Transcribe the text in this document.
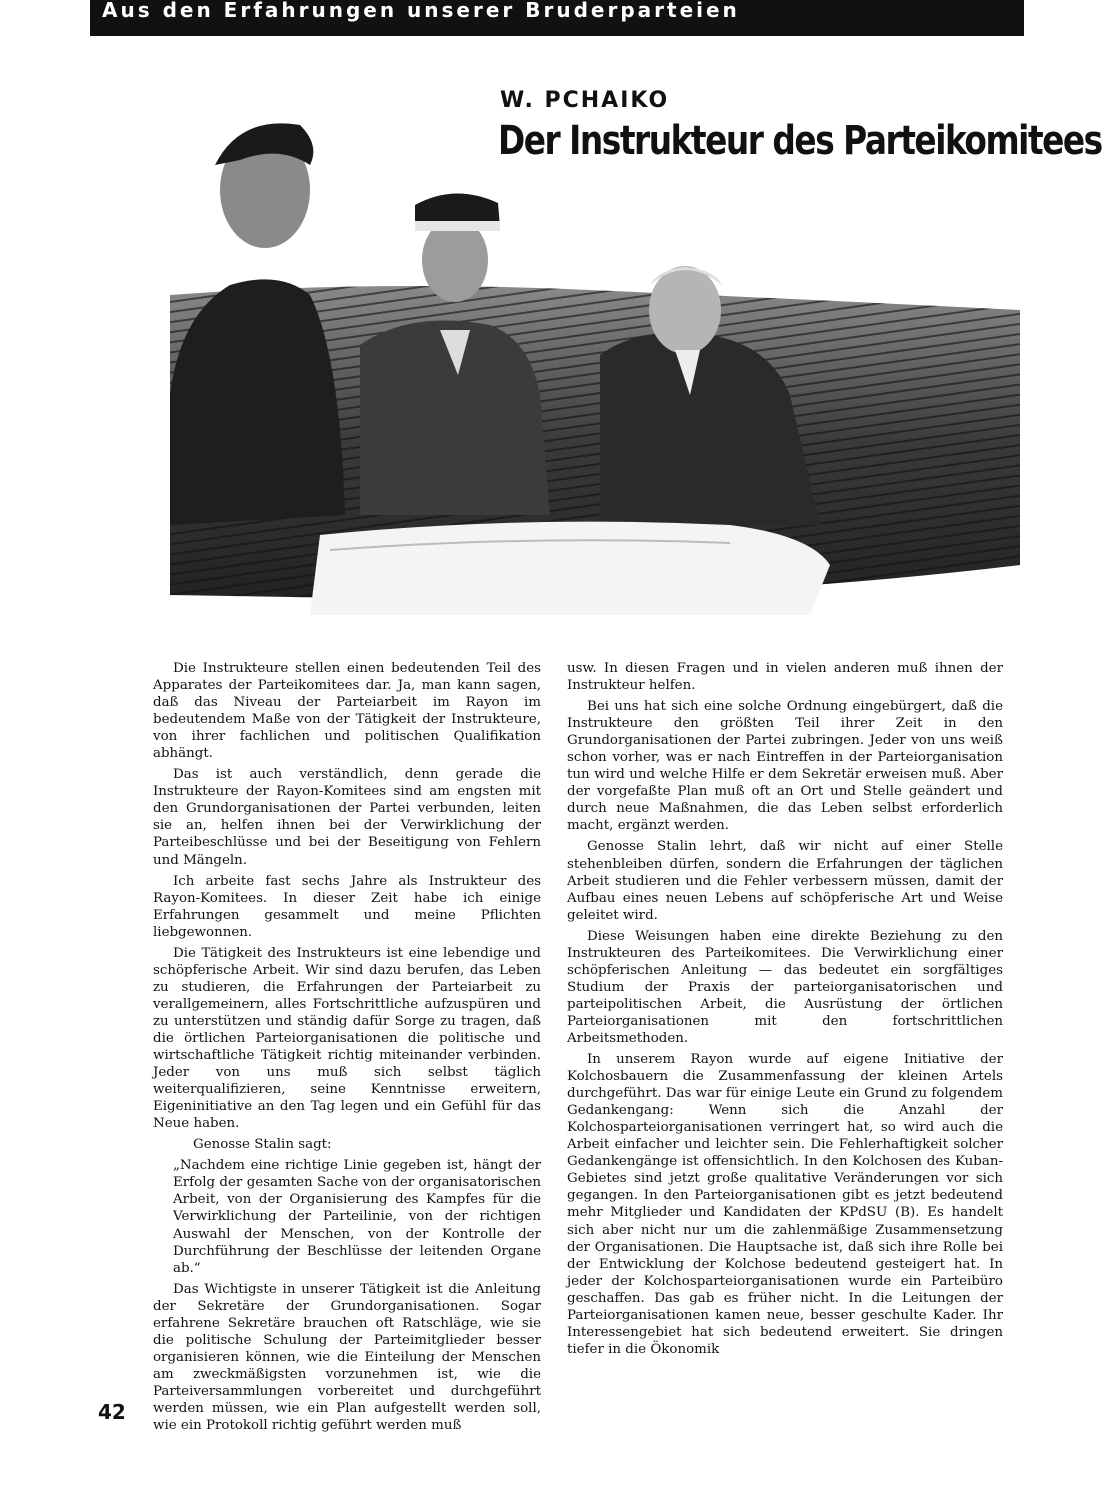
Aus den Erfahrungen unserer Bruderparteien
W. PCHAIKO
Der Instrukteur des Parteikomitees

Die Instrukteure stellen einen bedeutenden Teil des Apparates der Parteikomitees dar. Ja, man kann sagen, daß das Niveau der Parteiarbeit im Rayon im bedeutendem Maße von der Tätigkeit der Instrukteure, von ihrer fachlichen und politischen Qualifikation abhängt.

Das ist auch verständlich, denn gerade die Instrukteure der Rayon-Komitees sind am engsten mit den Grundorganisationen der Partei verbunden, leiten sie an, helfen ihnen bei der Verwirklichung der Parteibeschlüsse und bei der Beseitigung von Fehlern und Mängeln.

Ich arbeite fast sechs Jahre als Instrukteur des Rayon-Komitees. In dieser Zeit habe ich einige Erfahrungen gesammelt und meine Pflichten liebgewonnen.

Die Tätigkeit des Instrukteurs ist eine lebendige und schöpferische Arbeit. Wir sind dazu berufen, das Leben zu studieren, die Erfahrungen der Parteiarbeit zu verallgemeinern, alles Fortschrittliche aufzuspüren und zu unterstützen und ständig dafür Sorge zu tragen, daß die örtlichen Parteiorganisationen die politische und wirtschaftliche Tätigkeit richtig miteinander verbinden. Jeder von uns muß sich selbst täglich weiterqualifizieren, seine Kenntnisse erweitern, Eigeninitiative an den Tag legen und ein Gefühl für das Neue haben.

Genosse Stalin sagt:

„Nachdem eine richtige Linie gegeben ist, hängt der Erfolg der gesamten Sache von der organisatorischen Arbeit, von der Organisierung des Kampfes für die Verwirklichung der Parteilinie, von der richtigen Auswahl der Menschen, von der Kontrolle der Durchführung der Beschlüsse der leitenden Organe ab.“

Das Wichtigste in unserer Tätigkeit ist die Anleitung der Sekretäre der Grundorganisationen. Sogar erfahrene Sekretäre brauchen oft Ratschläge, wie sie die politische Schulung der Parteimitglieder besser organisieren können, wie die Einteilung der Menschen am zweckmäßigsten vorzunehmen ist, wie die Parteiversammlungen vorbereitet und durchgeführt werden müssen, wie ein Plan aufgestellt werden soll, wie ein Protokoll richtig geführt werden muß

usw. In diesen Fragen und in vielen anderen muß ihnen der Instrukteur helfen.

Bei uns hat sich eine solche Ordnung eingebürgert, daß die Instrukteure den größten Teil ihrer Zeit in den Grundorganisationen der Partei zubringen. Jeder von uns weiß schon vorher, was er nach Eintreffen in der Parteiorganisation tun wird und welche Hilfe er dem Sekretär erweisen muß. Aber der vorgefaßte Plan muß oft an Ort und Stelle geändert und durch neue Maßnahmen, die das Leben selbst erforderlich macht, ergänzt werden.

Genosse Stalin lehrt, daß wir nicht auf einer Stelle stehenbleiben dürfen, sondern die Erfahrungen der täglichen Arbeit studieren und die Fehler verbessern müssen, damit der Aufbau eines neuen Lebens auf schöpferische Art und Weise geleitet wird.

Diese Weisungen haben eine direkte Beziehung zu den Instrukteuren des Parteikomitees. Die Verwirklichung einer schöpferischen Anleitung — das bedeutet ein sorgfältiges Studium der Praxis der parteiorganisatorischen und parteipolitischen Arbeit, die Ausrüstung der örtlichen Parteiorganisationen mit den fortschrittlichen Arbeitsmethoden.

In unserem Rayon wurde auf eigene Initiative der Kolchosbauern die Zusammenfassung der kleinen Artels durchgeführt. Das war für einige Leute ein Grund zu folgendem Gedankengang: Wenn sich die Anzahl der Kolchosparteiorganisationen verringert hat, so wird auch die Arbeit einfacher und leichter sein. Die Fehlerhaftigkeit solcher Gedankengänge ist offensichtlich. In den Kolchosen des Kuban-Gebietes sind jetzt große qualitative Veränderungen vor sich gegangen. In den Parteiorganisationen gibt es jetzt bedeutend mehr Mitglieder und Kandidaten der KPdSU (B). Es handelt sich aber nicht nur um die zahlenmäßige Zusammensetzung der Organisationen. Die Hauptsache ist, daß sich ihre Rolle bei der Entwicklung der Kolchose bedeutend gesteigert hat. In jeder der Kolchosparteiorganisationen wurde ein Parteibüro geschaffen. Das gab es früher nicht. In die Leitungen der Parteiorganisationen kamen neue, besser geschulte Kader. Ihr Interessengebiet hat sich bedeutend erweitert. Sie dringen tiefer in die Ökonomik

42
